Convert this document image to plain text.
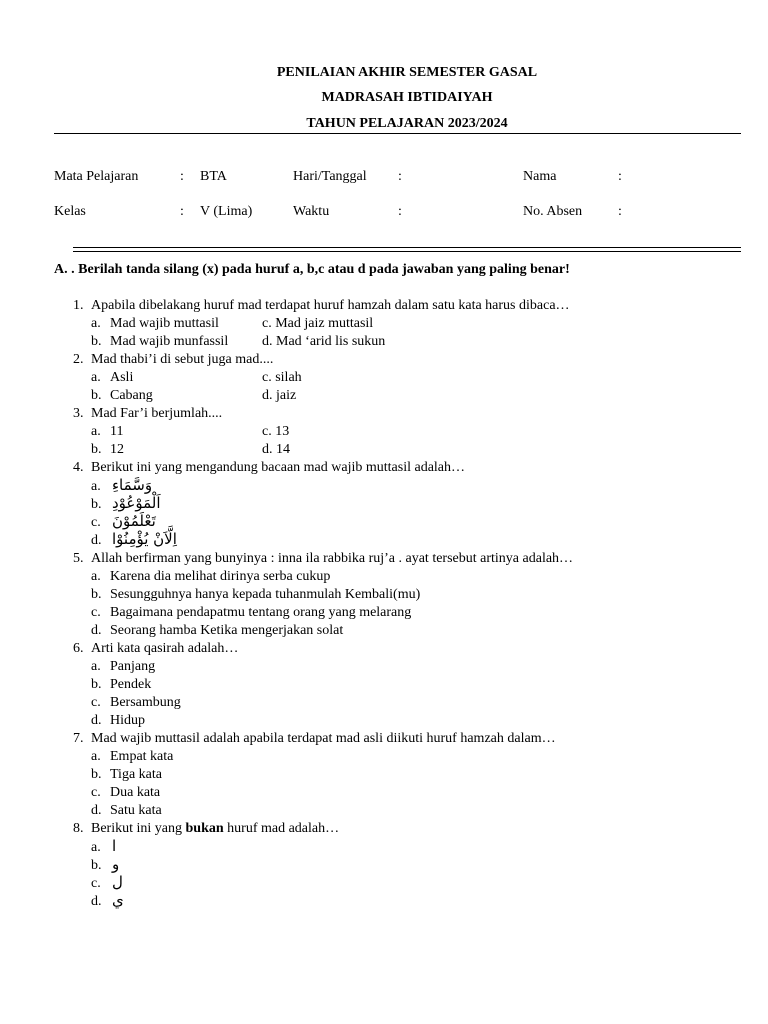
PENILAIAN AKHIR SEMESTER GASAL
MADRASAH IBTIDAIYAH
TAHUN PELAJARAN 2023/2024
Mata Pelajaran	: BTA	Hari/Tanggal :	Nama	:
Kelas	: V (Lima)	Waktu	:	No. Absen	:
A. . Berilah tanda silang (x) pada huruf a, b,c atau d pada jawaban yang paling benar!
1. Apabila dibelakang huruf mad terdapat huruf hamzah dalam satu kata harus dibaca…
a. Mad wajib muttasil	c. Mad jaiz muttasil
b. Mad wajib munfassil d. Mad ‘arid lis sukun
2. Mad thabi’i di sebut juga mad....
a. Asli	c. silah
b. Cabang	d. jaiz
3. Mad Far’i berjumlah....
a. 11	c. 13
b. 12	d. 14
4. Berikut ini yang mengandung bacaan mad wajib muttasil adalah…
a. وَسَّمَاءِ
b. اَلْمَوْعُوْدِ
c. تَعْلَمُوْنَ
d. اِلَّاَنْ يُؤْمِنُوْا
5. Allah berfirman yang bunyinya : inna ila rabbika ruj’a . ayat tersebut artinya adalah…
a. Karena dia melihat dirinya serba cukup
b. Sesungguhnya hanya kepada tuhanmulah Kembali(mu)
c. Bagaimana pendapatmu tentang orang yang melarang
d. Seorang hamba Ketika mengerjakan solat
6. Arti kata qasirah adalah…
a. Panjang
b. Pendek
c. Bersambung
d. Hidup
7. Mad wajib muttasil adalah apabila terdapat mad asli diikuti huruf hamzah dalam…
a. Empat kata
b. Tiga kata
c. Dua kata
d. Satu kata
8. Berikut ini yang bukan huruf mad adalah…
a. ا
b. و
c. ل
d. ي
